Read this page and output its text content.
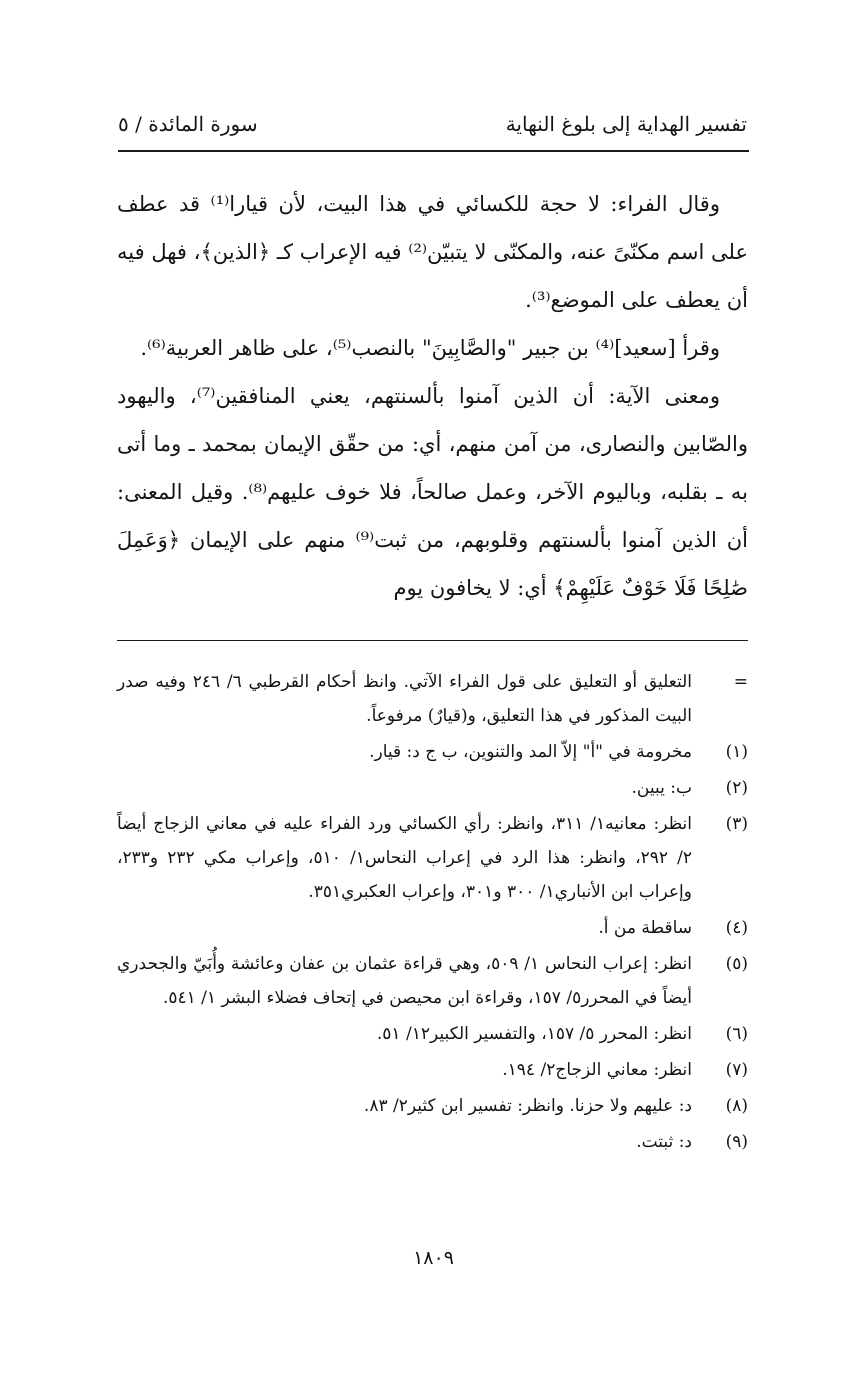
تفسير الهداية إلى بلوغ النهاية
سورة المائدة / ٥

وقال الفراء: لا حجة للكسائي في هذا البيت، لأن قيارا⁽¹⁾ قد عطف على اسم مكنّىً عنه، والمكنّى لا يتبيّن⁽²⁾ فيه الإعراب كـ ﴿الذين﴾، فهل فيه أن يعطف على الموضع⁽³⁾.

وقرأ [سعيد]⁽⁴⁾ بن جبير "والصَّابِينَ" بالنصب⁽⁵⁾، على ظاهر العربية⁽⁶⁾.

ومعنى الآية: أن الذين آمنوا بألسنتهم، يعني المنافقين⁽⁷⁾، واليهود والصّابين والنصارى، من آمن منهم، أي: من حقّق الإيمان بمحمد ـ وما أتى به ـ بقلبه، وباليوم الآخر، وعمل صالحاً، فلا خوف عليهم⁽⁸⁾. وقيل المعنى: أن الذين آمنوا بألسنتهم وقلوبهم، من ثبت⁽⁹⁾ منهم على الإيمان ﴿وَعَمِلَ صَٰلِحًا فَلَا خَوْفٌ عَلَيْهِمْ﴾ أي: لا يخافون يوم

=
التعليق أو التعليق على قول الفراء الآتي. وانظ أحكام القرطبي ٦/ ٢٤٦ وفيه صدر البيت المذكور في هذا التعليق، و(قيارٌ) مرفوعاً.
(١)
مخرومة في "أ" إلاّ المد والتنوين، ب ج د: قيار.
(٢)
ب: يبين.
(٣)
انظر: معانيه١/ ٣١١، وانظر: رأي الكسائي ورد الفراء عليه في معاني الزجاج أيضاً ٢/ ٢٩٢، وانظر: هذا الرد في إعراب النحاس١/ ٥١٠، وإعراب مكي ٢٣٢ و٢٣٣، وإعراب ابن الأنباري١/ ٣٠٠ و٣٠١، وإعراب العكبري٣٥١.
(٤)
ساقطة من أ.
(٥)
انظر: إعراب النحاس ١/ ٥٠٩، وهي قراءة عثمان بن عفان وعائشة وأُبَيّ والجحدري أيضاً في المحرر٥/ ١٥٧، وقراءة ابن محيصن في إتحاف فضلاء البشر ١/ ٥٤١.
(٦)
انظر: المحرر ٥/ ١٥٧، والتفسير الكبير١٢/ ٥١.
(٧)
انظر: معاني الزجاج٢/ ١٩٤.
(٨)
د: عليهم ولا حزنا. وانظر: تفسير ابن كثير٢/ ٨٣.
(٩)
د: ثبتت.
١٨٠٩
